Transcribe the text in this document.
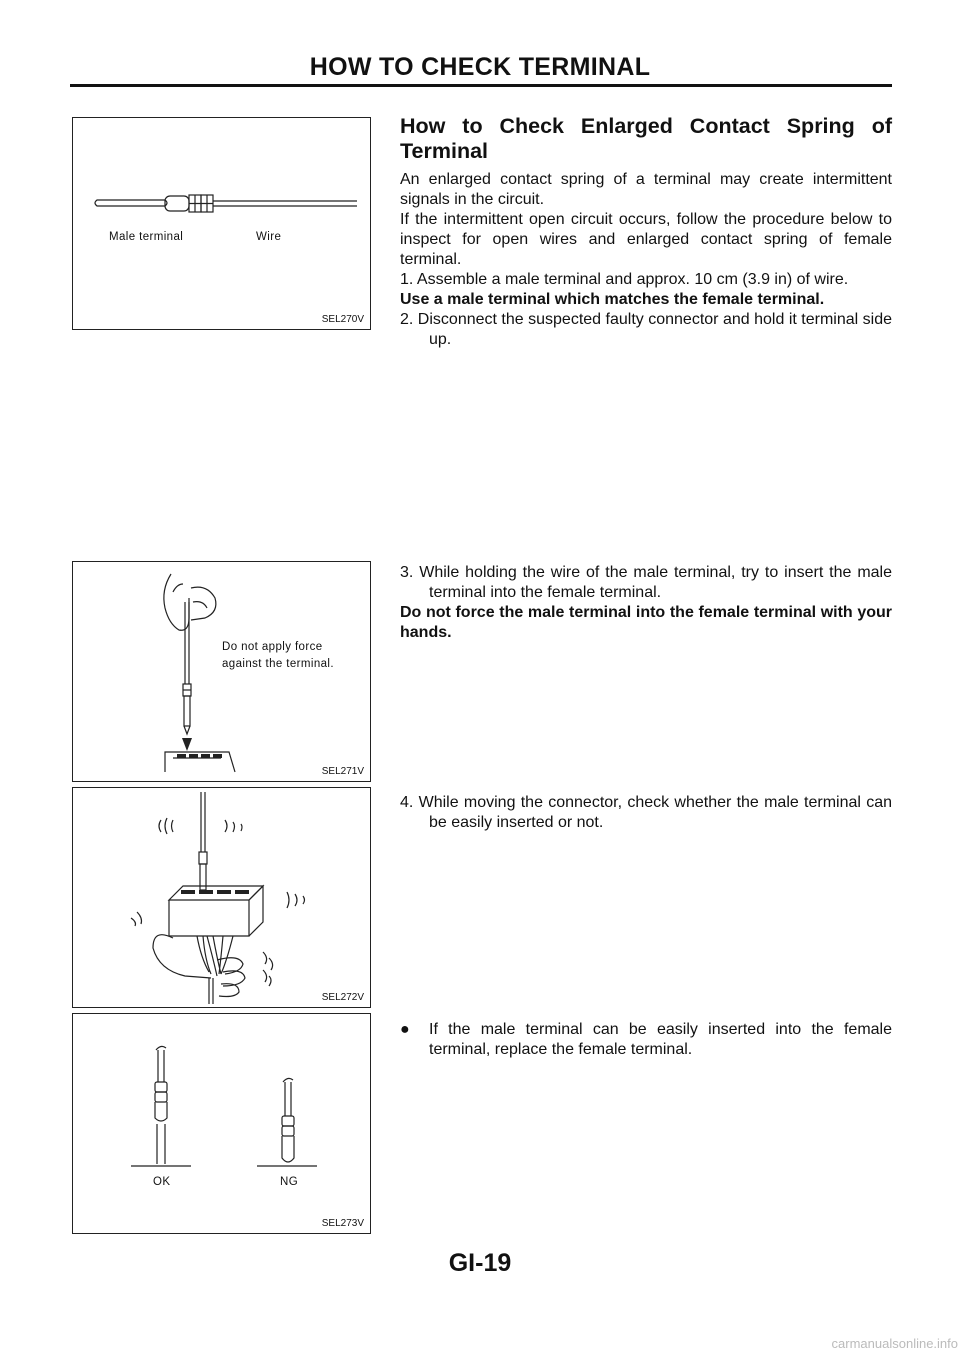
HOW TO CHECK TERMINAL
Male terminal	Wire
SEL270V
Do not apply force
against the terminal.
SEL271V
SEL272V
OK	NG
SEL273V

How to Check Enlarged Contact Spring of Terminal

An enlarged contact spring of a terminal may create intermittent signals in the circuit.

If the intermittent open circuit occurs, follow the procedure below to inspect for open wires and enlarged contact spring of female terminal.

1. Assemble a male terminal and approx. 10 cm (3.9 in) of wire.

Use a male terminal which matches the female terminal.

2. Disconnect the suspected faulty connector and hold it terminal side up.

3. While holding the wire of the male terminal, try to insert the male terminal into the female terminal.

Do not force the male terminal into the female terminal with your hands.

4. While moving the connector, check whether the male terminal can be easily inserted or not.

● If the male terminal can be easily inserted into the female terminal, replace the female terminal.

GI-19
carmanualsonline.info
